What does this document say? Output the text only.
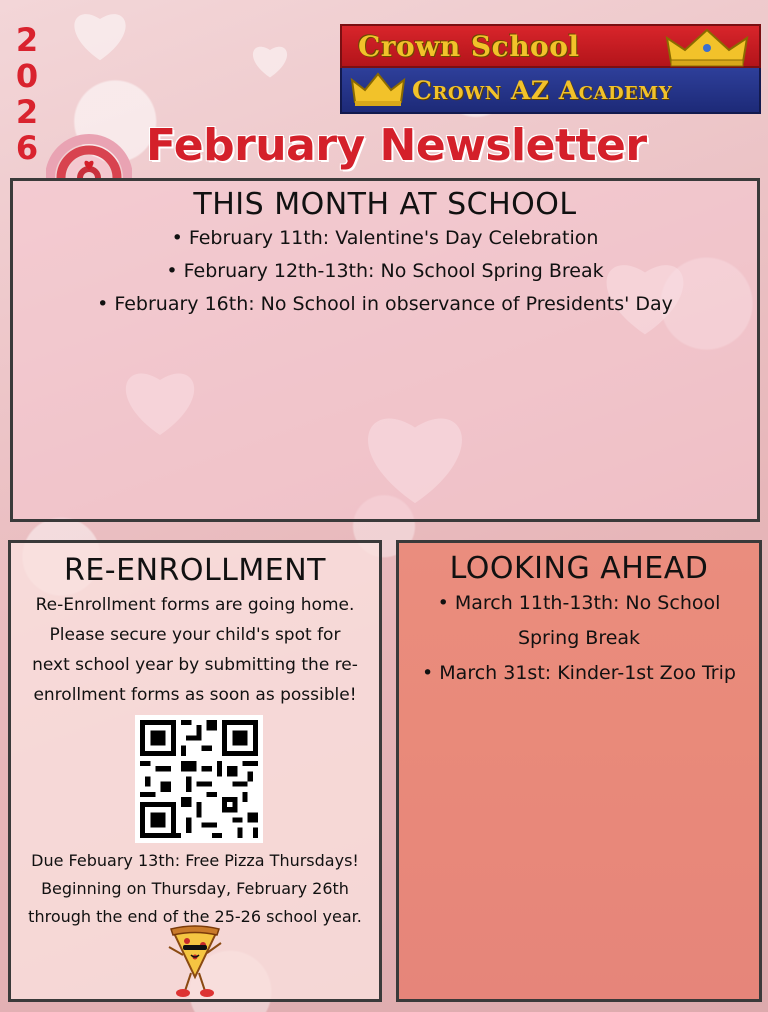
2
0
2
6
Crown School
Crown AZ Academy
February Newsletter
THIS MONTH AT SCHOOL
• February 11th: Valentine's Day Celebration
• February 12th-13th: No School Spring Break
• February 16th: No School in observance of Presidents' Day
RE-ENROLLMENT
Re-Enrollment forms are going home.
Please secure your child's spot for
next school year by submitting the re-
enrollment forms as soon as possible!
Due Febuary 13th: Free Pizza Thursdays!
Beginning on Thursday, February 26th
through the end of the 25-26 school year.
LOOKING AHEAD
• March 11th-13th: No School
Spring Break
• March 31st: Kinder-1st Zoo Trip
